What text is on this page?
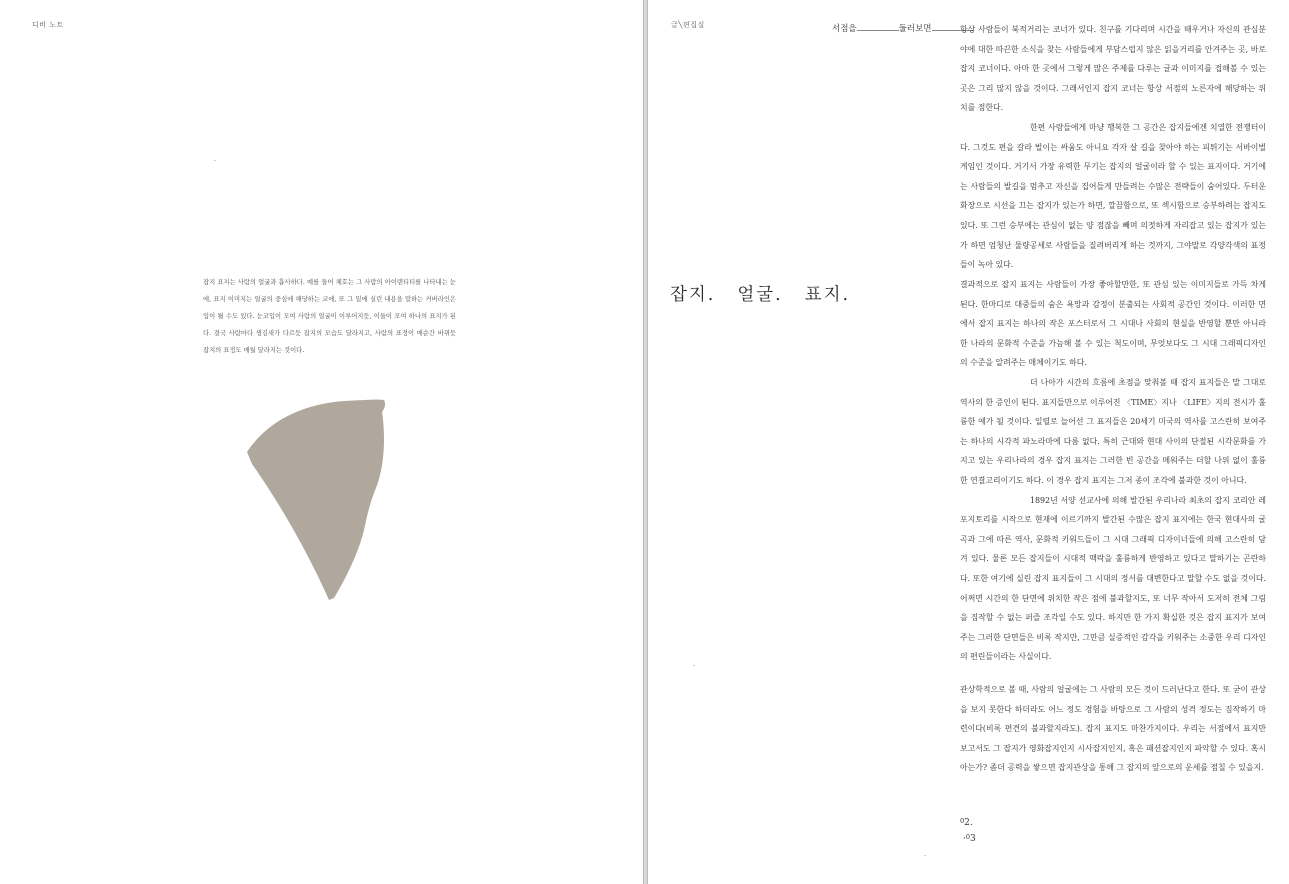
디비 노트

잡지 표지는 사람의 얼굴과 흡사하다. 예를 들어 체호는 그 사람의 아이덴티티를 나타내는 눈에, 표지 이미지는 얼굴의 중심에 해당하는 코에, 또 그 밑에 실린 내용을 말하는 커버라인은 입이 될 수도 있다. 눈코입이 모여 사람의 얼굴이 이루어지듯, 이들이 모여 하나의 표지가 된다. 결국 사람마다 생김새가 다르듯 잡지의 모습도 달라지고, 사람의 표정이 매순간 바뀌듯 잡지의 표정도 매월 달라지는 것이다.

글╲편집실	서점을	둘러보면
잡지. 얼굴. 표지.

항상 사람들이 북적거리는 코너가 있다. 친구를 기다리며 시간을 때우거나 자신의 관심분야에 대한 따끈한 소식을 찾는 사람들에게 부담스럽지 않은 읽을거리를 안겨주는 곳, 바로 잡지 코너이다. 아마 한 곳에서 그렇게 많은 주제를 다루는 글과 이미지를 접해볼 수 있는 곳은 그리 많지 않을 것이다. 그래서인지 잡지 코너는 항상 서점의 노른자에 해당하는 위치를 점한다.

한편 사람들에게 마냥 행복한 그 공간은 잡지들에겐 치열한 전쟁터이다. 그것도 편을 갈라 벌이는 싸움도 아니요 각자 살 길을 찾아야 하는 피튀기는 서바이벌 게임인 것이다. 거기서 가장 유력한 무기는 잡지의 얼굴이라 할 수 있는 표지이다. 거기에는 사람들의 발길을 멈추고 자신을 집어들게 만들려는 수많은 전략들이 숨어있다. 두터운 화장으로 시선을 끄는 잡지가 있는가 하면, 깔끔함으로, 또 섹시함으로 승부하려는 잡지도 있다. 또 그런 승부에는 관심이 없는 양 점잖을 빼며 의젓하게 자리잡고 있는 잡지가 있는가 하면 엄청난 물량공세로 사람들을 질려버리게 하는 것까지, 그야말로 각양각색의 표정들이 녹아 있다.

결과적으로 잡지 표지는 사람들이 가장 좋아할만한, 또 관심 있는 이미지들로 가득 차게 된다. 한마디로 대중들의 숨은 욕망과 감정이 분출되는 사회적 공간인 것이다. 이러한 면에서 잡지 표지는 하나의 작은 포스터로서 그 시대나 사회의 현실을 반영할 뿐만 아니라 한 나라의 문화적 수준을 가늠해 볼 수 있는 척도이며, 무엇보다도 그 시대 그래픽디자인의 수준을 알려주는 매체이기도 하다.

더 나아가 시간의 흐름에 초점을 맞춰볼 때 잡지 표지들은 말 그대로 역사의 한 증인이 된다. 표지들만으로 이루어진 〈TIME〉지나 〈LIFE〉지의 전시가 훌륭한 예가 될 것이다. 일렬로 늘어선 그 표지들은 20세기 미국의 역사를 고스란히 보여주는 하나의 시각적 파노라마에 다름 없다. 특히 근대와 현대 사이의 단절된 시각문화를 가지고 있는 우리나라의 경우 잡지 표지는 그러한 빈 공간을 메워주는 더할 나위 없이 훌륭한 연결고리이기도 하다. 이 경우 잡지 표지는 그저 종이 조각에 불과한 것이 아니다.

1892년 서양 선교사에 의해 발간된 우리나라 최초의 잡지 코리안 레포지토리를 시작으로 현재에 이르기까지 발간된 수많은 잡지 표지에는 한국 현대사의 굴곡과 그에 따른 역사, 문화적 키워드들이 그 시대 그래픽 디자이너들에 의해 고스란히 담겨 있다. 물론 모든 잡지들이 시대적 맥락을 훌륭하게 반영하고 있다고 말하기는 곤란하다. 또한 여기에 실린 잡지 표지들이 그 시대의 정서를 대변한다고 말할 수도 없을 것이다. 어쩌면 시간의 한 단면에 위치한 작은 점에 불과할지도, 또 너무 작아서 도저히 전체 그림을 짐작할 수 없는 퍼즐 조각일 수도 있다. 하지만 한 가지 확실한 것은 잡지 표지가 보여주는 그러한 단면들은 비록 작지만, 그만큼 실증적인 감각을 키워주는 소중한 우리 디자인의 편린들이라는 사실이다.

관상학적으로 볼 때, 사람의 얼굴에는 그 사람의 모든 것이 드러난다고 한다. 또 굳이 관상을 보지 못한다 하더라도 어느 정도 경험을 바탕으로 그 사람의 성격 정도는 짐작하기 마련이다(비록 편견의 불과할지라도). 잡지 표지도 마찬가지이다. 우리는 서점에서 표지만 보고서도 그 잡지가 영화잡지인지 시사잡지인지, 혹은 패션잡지인지 파악할 수 있다. 혹시 아는가? 좀더 공력을 쌓으면 잡지관상을 통해 그 잡지의 앞으로의 운세를 점칠 수 있을지.

$^0$2.
·$^0$3
